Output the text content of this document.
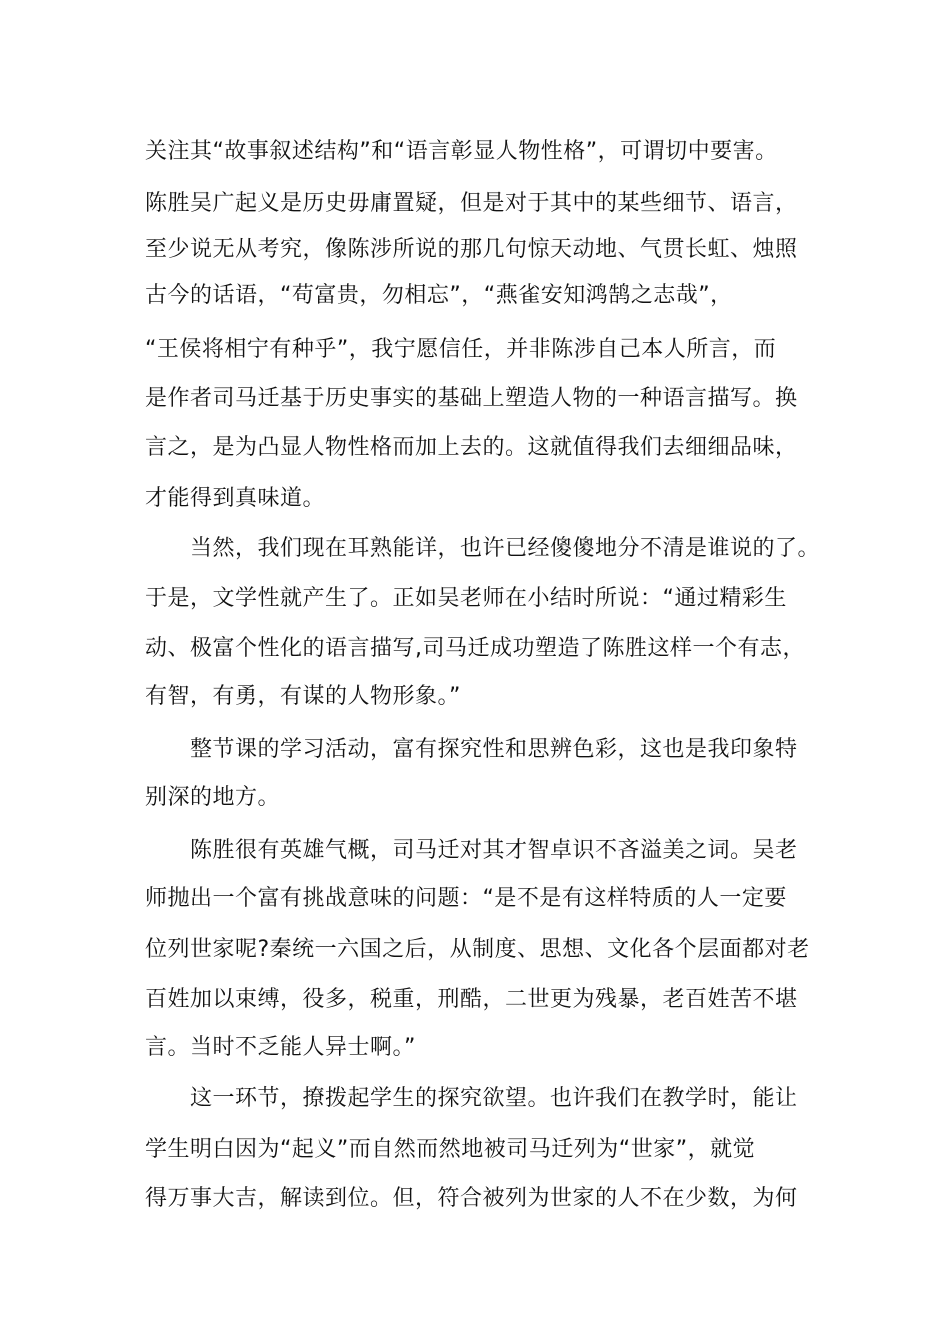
关注其“故事叙述结构”和“语言彰显人物性格”，可谓切中要害。
陈胜吴广起义是历史毋庸置疑，但是对于其中的某些细节、语言，
至少说无从考究，像陈涉所说的那几句惊天动地、气贯长虹、烛照
古今的话语，“苟富贵，勿相忘”，“燕雀安知鸿鹄之志哉”，
“王侯将相宁有种乎”，我宁愿信任，并非陈涉自己本人所言，而
是作者司马迁基于历史事实的基础上塑造人物的一种语言描写。换
言之，是为凸显人物性格而加上去的。这就值得我们去细细品味，
才能得到真味道。
当然，我们现在耳熟能详，也许已经傻傻地分不清是谁说的了。
于是，文学性就产生了。正如吴老师在小结时所说：“通过精彩生
动、极富个性化的语言描写,司马迁成功塑造了陈胜这样一个有志，
有智，有勇，有谋的人物形象。”
整节课的学习活动，富有探究性和思辨色彩，这也是我印象特
别深的地方。
陈胜很有英雄气概，司马迁对其才智卓识不吝溢美之词。吴老
师抛出一个富有挑战意味的问题：“是不是有这样特质的人一定要
位列世家呢?秦统一六国之后，从制度、思想、文化各个层面都对老
百姓加以束缚，役多，税重，刑酷，二世更为残暴，老百姓苦不堪
言。当时不乏能人异士啊。”
这一环节，撩拨起学生的探究欲望。也许我们在教学时，能让
学生明白因为“起义”而自然而然地被司马迁列为“世家”，就觉
得万事大吉，解读到位。但，符合被列为世家的人不在少数，为何
